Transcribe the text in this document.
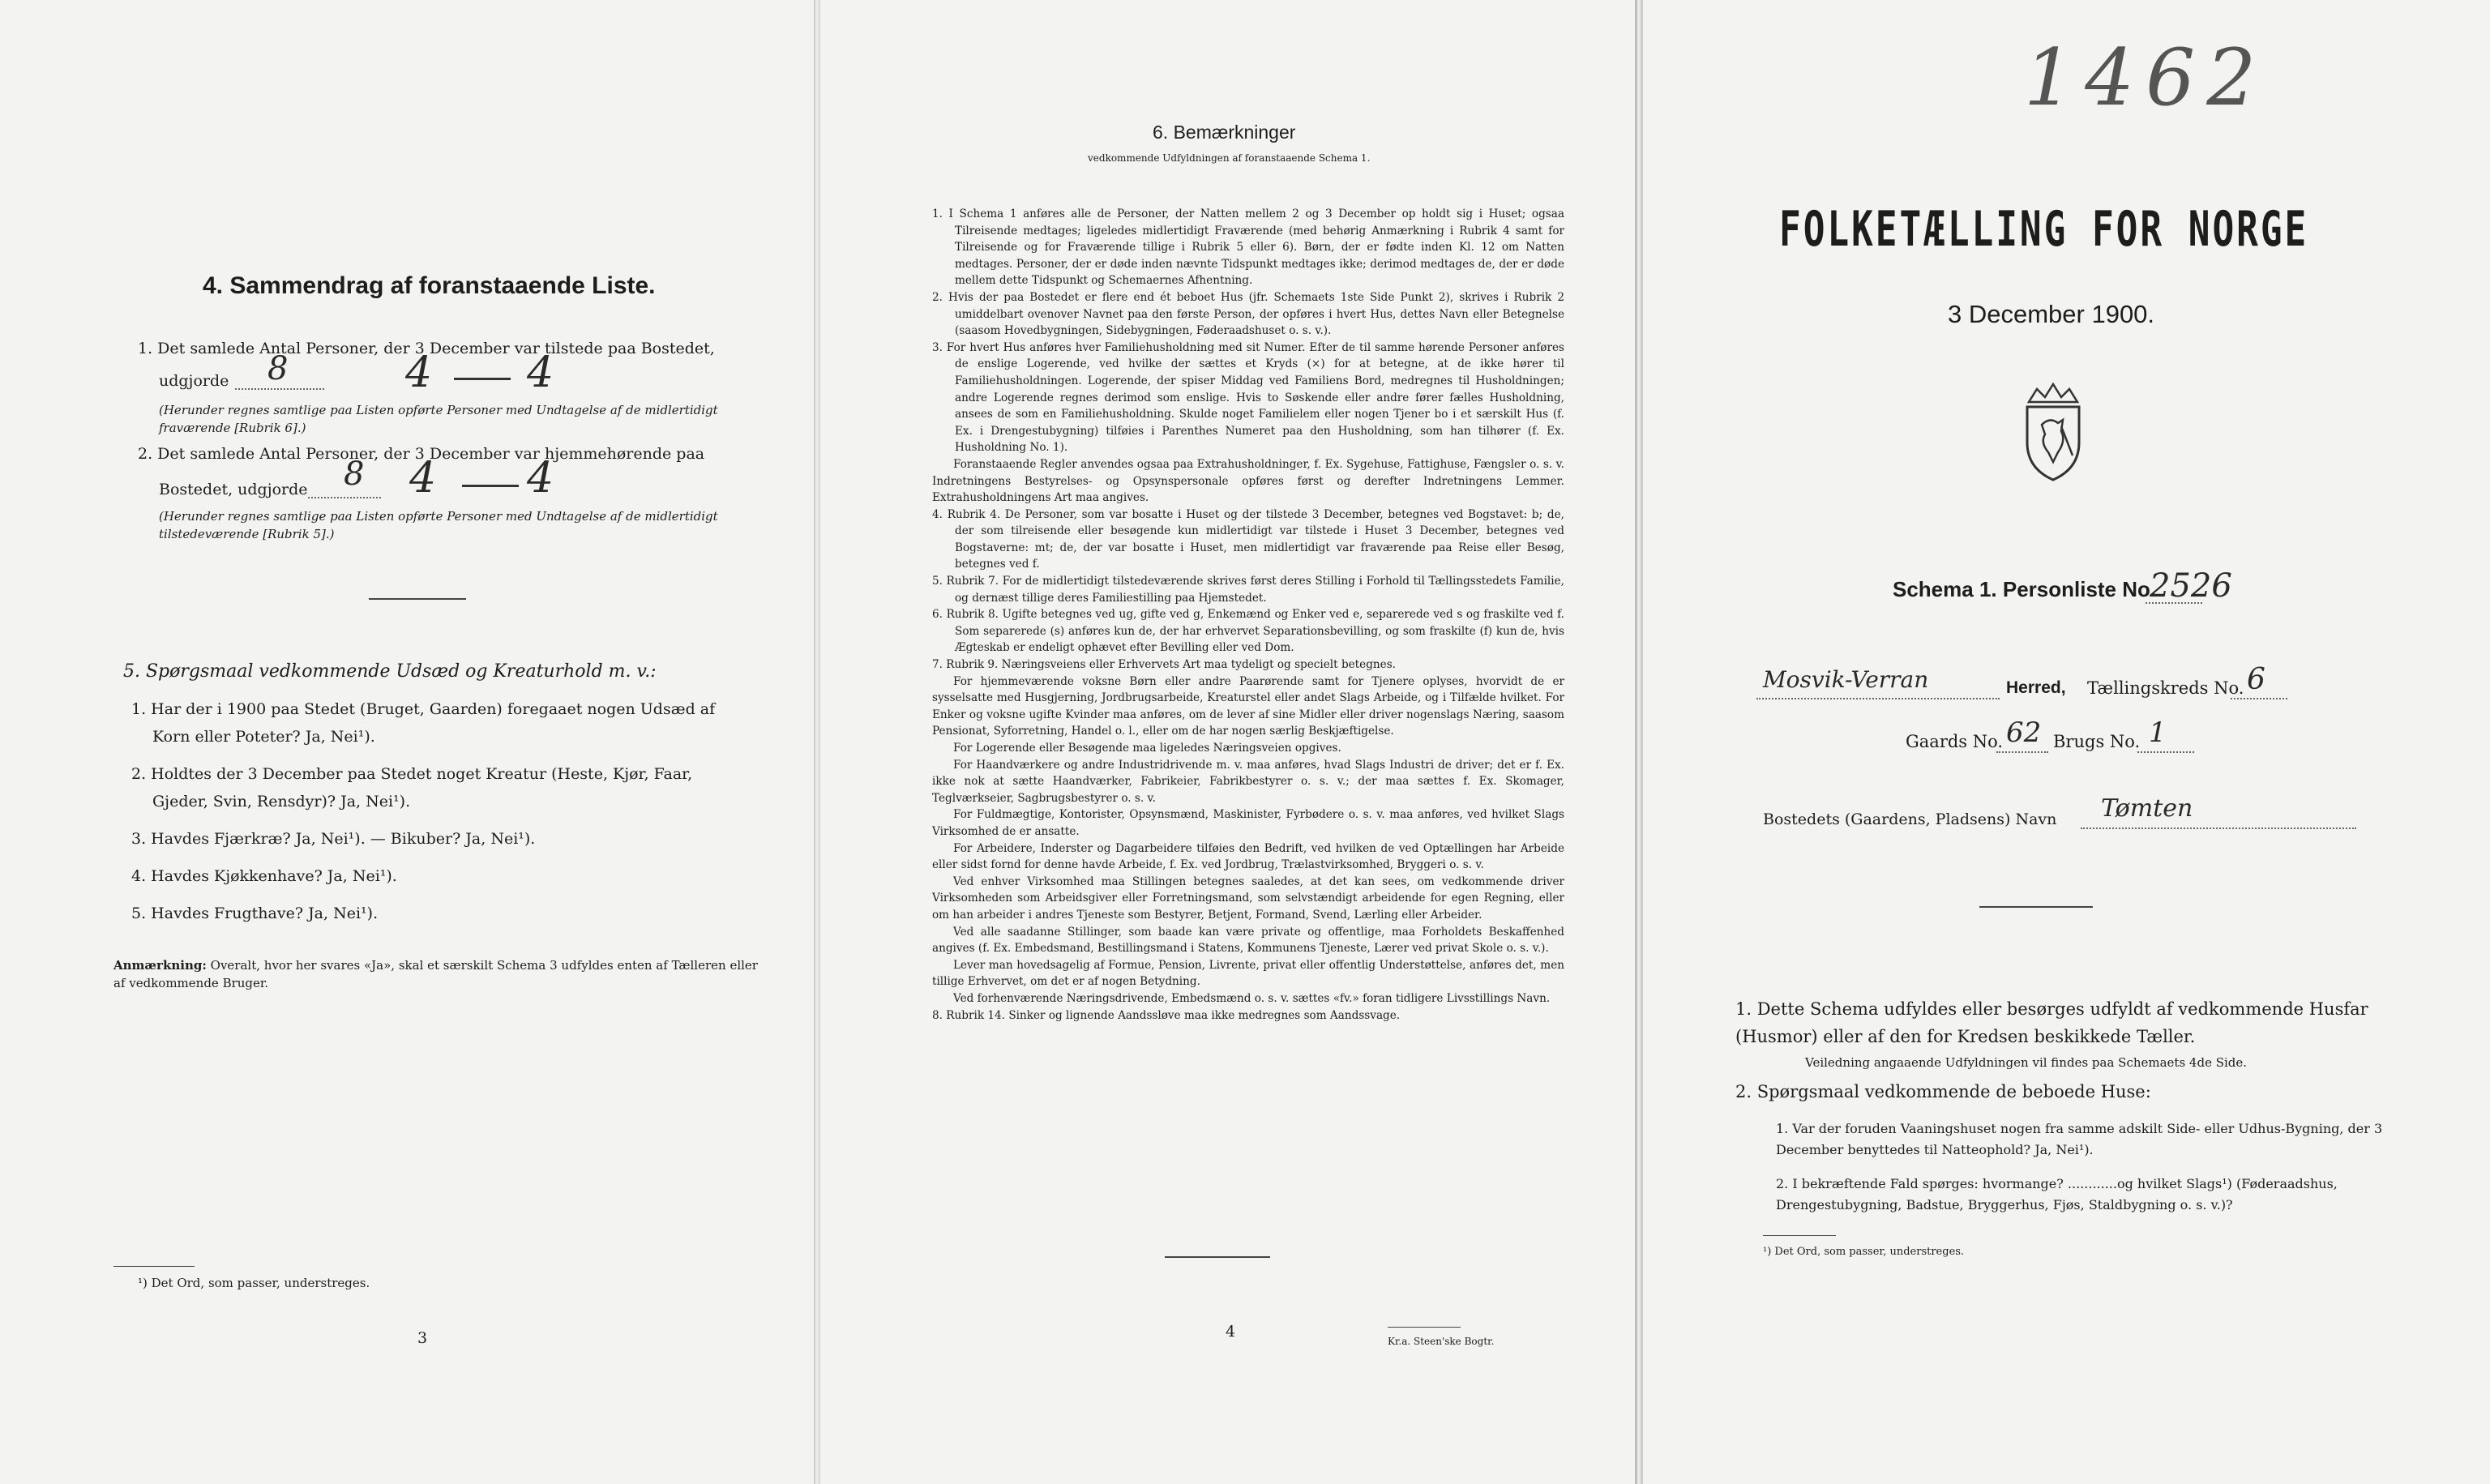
4. Sammendrag af foranstaaende Liste.
1. Det samlede Antal Personer, der 3 December var tilstede paa Bostedet,
udgjorde 8	4 4
(Herunder regnes samtlige paa Listen opførte Personer med Undtagelse af de midlertidigt fraværende [Rubrik 6].)
2. Det samlede Antal Personer, der 3 December var hjemmehørende paa
Bostedet, udgjorde 8 4 4
(Herunder regnes samtlige paa Listen opførte Personer med Undtagelse af de midlertidigt tilstedeværende [Rubrik 5].)
5. Spørgsmaal vedkommende Udsæd og Kreaturhold m. v.:
1. Har der i 1900 paa Stedet (Bruget, Gaarden) foregaaet nogen Udsæd af
Korn eller Poteter? Ja, Nei¹).
2. Holdtes der 3 December paa Stedet noget Kreatur (Heste, Kjør, Faar,
Gjeder, Svin, Rensdyr)? Ja, Nei¹).
3. Havdes Fjærkræ? Ja, Nei¹). — Bikuber? Ja, Nei¹).
4. Havdes Kjøkkenhave? Ja, Nei¹).
5. Havdes Frugthave? Ja, Nei¹).
Anmærkning: Overalt, hvor her svares «Ja», skal et særskilt Schema 3 udfyldes enten af Tælleren eller af vedkommende Bruger.
¹) Det Ord, som passer, understreges.
3
6. Bemærkninger
vedkommende Udfyldningen af foranstaaende Schema 1.

1. I Schema 1 anføres alle de Personer, der Natten mellem 2 og 3 December op holdt sig i Huset; ogsaa Tilreisende medtages; ligeledes midlertidigt Fraværende (med behørig Anmærkning i Rubrik 4 samt for Tilreisende og for Fraværende tillige i Rubrik 5 eller 6). Børn, der er fødte inden Kl. 12 om Natten medtages. Personer, der er døde inden nævnte Tidspunkt medtages ikke; derimod medtages de, der er døde mellem dette Tidspunkt og Schemaernes Afhentning.

2. Hvis der paa Bostedet er flere end ét beboet Hus (jfr. Schemaets 1ste Side Punkt 2), skrives i Rubrik 2 umiddelbart ovenover Navnet paa den første Person, der opføres i hvert Hus, dettes Navn eller Betegnelse (saasom Hovedbygningen, Sidebygningen, Føderaadshuset o. s. v.).

3. For hvert Hus anføres hver Familiehusholdning med sit Numer. Efter de til samme hørende Personer anføres de enslige Logerende, ved hvilke der sættes et Kryds (×) for at betegne, at de ikke hører til Familiehusholdningen. Logerende, der spiser Middag ved Familiens Bord, medregnes til Husholdningen; andre Logerende regnes derimod som enslige. Hvis to Søskende eller andre fører fælles Husholdning, ansees de som en Familiehusholdning. Skulde noget Familielem eller nogen Tjener bo i et særskilt Hus (f. Ex. i Drengestubygning) tilføies i Parenthes Numeret paa den Husholdning, som han tilhører (f. Ex. Husholdning No. 1).

Foranstaaende Regler anvendes ogsaa paa Extrahusholdninger, f. Ex. Sygehuse, Fattighuse, Fængsler o. s. v. Indretningens Bestyrelses- og Opsynspersonale opføres først og derefter Indretningens Lemmer. Extrahusholdningens Art maa angives.

4. Rubrik 4. De Personer, som var bosatte i Huset og der tilstede 3 December, betegnes ved Bogstavet: b; de, der som tilreisende eller besøgende kun midlertidigt var tilstede i Huset 3 December, betegnes ved Bogstaverne: mt; de, der var bosatte i Huset, men midlertidigt var fraværende paa Reise eller Besøg, betegnes ved f.

5. Rubrik 7. For de midlertidigt tilstedeværende skrives først deres Stilling i Forhold til Tællingsstedets Familie, og dernæst tillige deres Familiestilling paa Hjemstedet.

6. Rubrik 8. Ugifte betegnes ved ug, gifte ved g, Enkemænd og Enker ved e, separerede ved s og fraskilte ved f. Som separerede (s) anføres kun de, der har erhvervet Separationsbevilling, og som fraskilte (f) kun de, hvis Ægteskab er endeligt ophævet efter Bevilling eller ved Dom.

7. Rubrik 9. Næringsveiens eller Erhvervets Art maa tydeligt og specielt betegnes.

For hjemmeværende voksne Børn eller andre Paarørende samt for Tjenere oplyses, hvorvidt de er sysselsatte med Husgjerning, Jordbrugsarbeide, Kreaturstel eller andet Slags Arbeide, og i Tilfælde hvilket. For Enker og voksne ugifte Kvinder maa anføres, om de lever af sine Midler eller driver nogenslags Næring, saasom Pensionat, Syforretning, Handel o. l., eller om de har nogen særlig Beskjæftigelse.

For Logerende eller Besøgende maa ligeledes Næringsveien opgives.

For Haandværkere og andre Industridrivende m. v. maa anføres, hvad Slags Industri de driver; det er f. Ex. ikke nok at sætte Haandværker, Fabrikeier, Fabrikbestyrer o. s. v.; der maa sættes f. Ex. Skomager, Teglværkseier, Sagbrugsbestyrer o. s. v.

For Fuldmægtige, Kontorister, Opsynsmænd, Maskinister, Fyrbødere o. s. v. maa anføres, ved hvilket Slags Virksomhed de er ansatte.

For Arbeidere, Inderster og Dagarbeidere tilføies den Bedrift, ved hvilken de ved Optællingen har Arbeide eller sidst fornd for denne havde Arbeide, f. Ex. ved Jordbrug, Trælastvirksomhed, Bryggeri o. s. v.

Ved enhver Virksomhed maa Stillingen betegnes saaledes, at det kan sees, om vedkommende driver Virksomheden som Arbeidsgiver eller Forretningsmand, som selvstændigt arbeidende for egen Regning, eller om han arbeider i andres Tjeneste som Bestyrer, Betjent, Formand, Svend, Lærling eller Arbeider.

Ved alle saadanne Stillinger, som baade kan være private og offentlige, maa Forholdets Beskaffenhed angives (f. Ex. Embedsmand, Bestillingsmand i Statens, Kommunens Tjeneste, Lærer ved privat Skole o. s. v.).

Lever man hovedsagelig af Formue, Pension, Livrente, privat eller offentlig Understøttelse, anføres det, men tillige Erhvervet, om det er af nogen Betydning.

Ved forhenværende Næringsdrivende, Embedsmænd o. s. v. sættes «fv.» foran tidligere Livsstillings Navn.

8. Rubrik 14. Sinker og lignende Aandssløve maa ikke medregnes som Aandssvage.

4
Kr.a. Steen'ske Bogtr.
1462
FOLKETÆLLING FOR NORGE
3 December 1900.
Schema 1. Personliste No.
2526
Mosvik-Verran	Herred, Tællingskreds No. 6
Gaards No. 62 Brugs No. 1
Bostedets (Gaardens, Pladsens) Navn Tømten
1. Dette Schema udfyldes eller besørges udfyldt af vedkommende Husfar (Husmor) eller af den for Kredsen beskikkede Tæller.
Veiledning angaaende Udfyldningen vil findes paa Schemaets 4de Side.
2. Spørgsmaal vedkommende de beboede Huse:
1. Var der foruden Vaaningshuset nogen fra samme adskilt Side- eller Udhus-Bygning, der 3 December benyttedes til Natteophold? Ja, Nei¹).
2. I bekræftende Fald spørges: hvormange? ............og hvilket Slags¹) (Føderaadshus, Drengestubygning, Badstue, Bryggerhus, Fjøs, Staldbygning o. s. v.)?
¹) Det Ord, som passer, understreges.
